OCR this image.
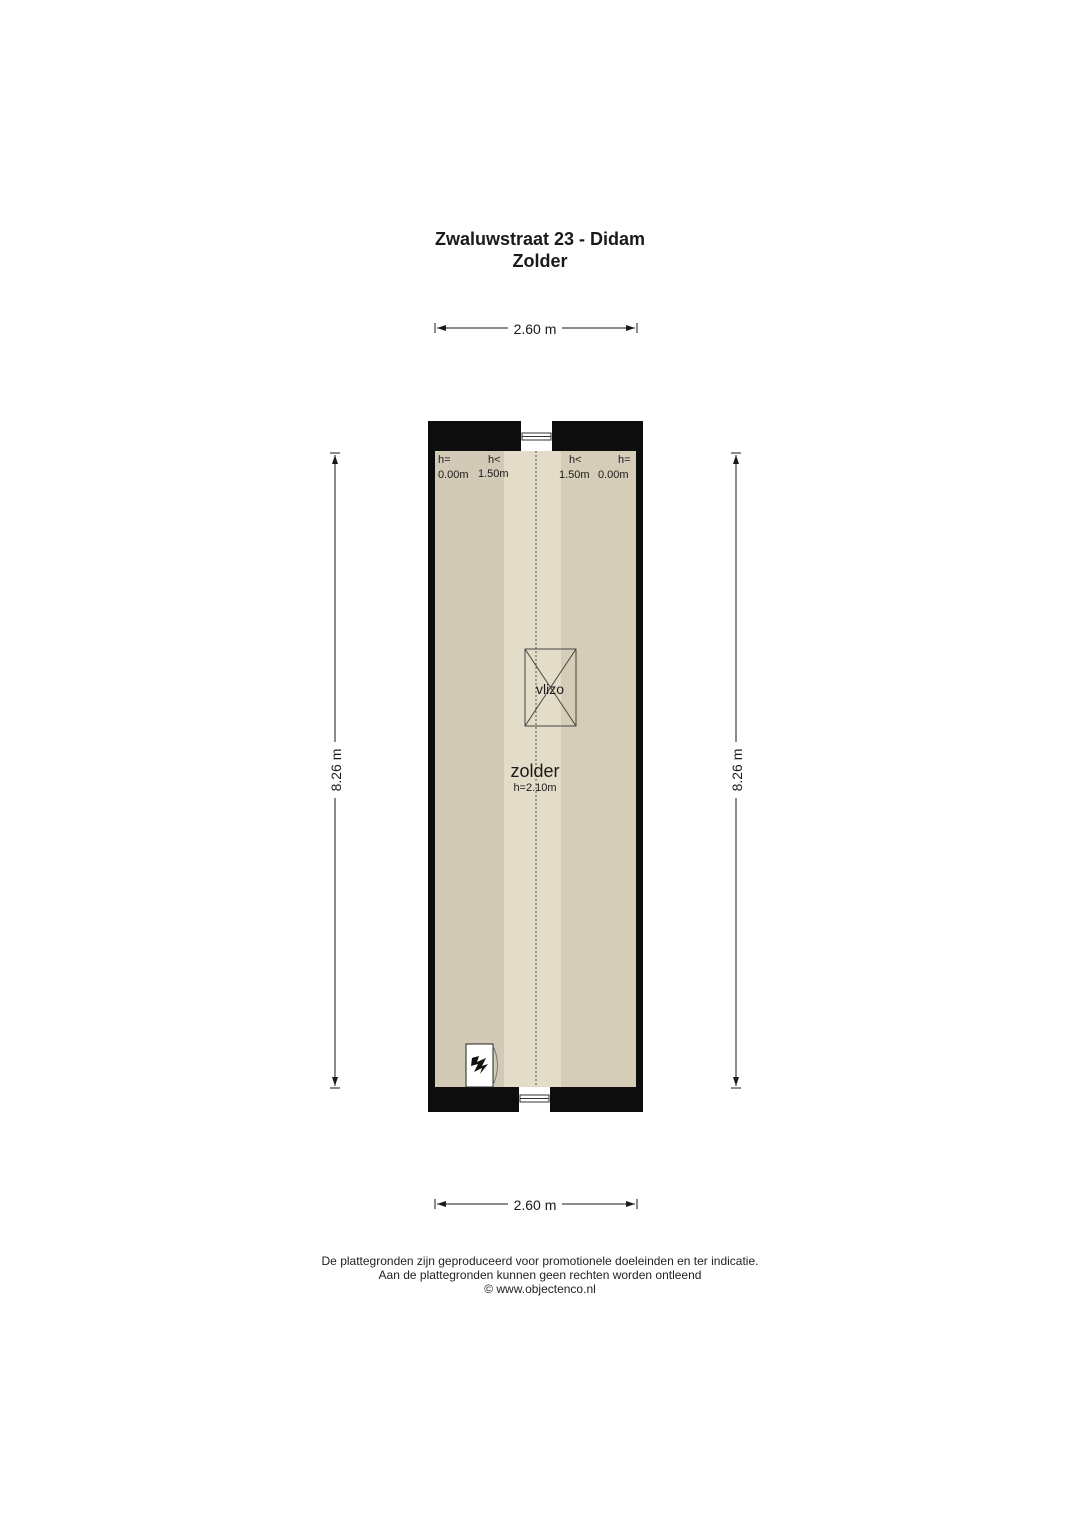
Zwaluwstraat 23 - Didam
Zolder
2.60 m
2.60 m
8.26 m	8.26 m
h=
0.00m
h<
1.50m
h<
1.50m
h=
0.00m
vlizo
zolder
h=2.10m
De plattegronden zijn geproduceerd voor promotionele doeleinden en ter indicatie.
Aan de plattegronden kunnen geen rechten worden ontleend
© www.objectenco.nl
